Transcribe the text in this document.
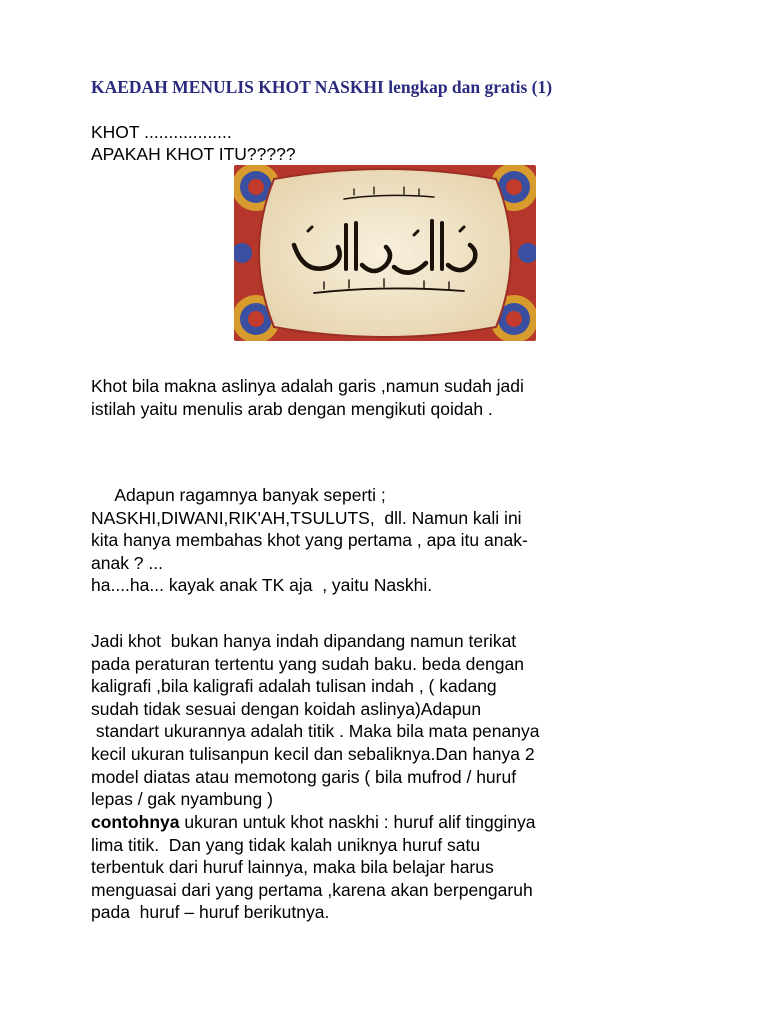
KAEDAH MENULIS KHOT NASKHI lengkap dan gratis (1)
KHOT ..................
APAKAH KHOT ITU?????
Khot bila makna aslinya adalah garis ,namun sudah jadi
istilah yaitu menulis arab dengan mengikuti qoidah .
Adapun ragamnya banyak seperti ;
NASKHI,DIWANI,RIK'AH,TSULUTS,  dll. Namun kali ini
kita hanya membahas khot yang pertama , apa itu anak-
anak ? ...
ha....ha... kayak anak TK aja  , yaitu Naskhi.
Jadi khot  bukan hanya indah dipandang namun terikat
pada peraturan tertentu yang sudah baku. beda dengan
kaligrafi ,bila kaligrafi adalah tulisan indah , ( kadang
sudah tidak sesuai dengan koidah aslinya)Adapun
standart ukurannya adalah titik . Maka bila mata penanya
kecil ukuran tulisanpun kecil dan sebaliknya.Dan hanya 2
model diatas atau memotong garis ( bila mufrod / huruf
lepas / gak nyambung )
contohnya ukuran untuk khot naskhi : huruf alif tingginya
lima titik.  Dan yang tidak kalah uniknya huruf satu
terbentuk dari huruf lainnya, maka bila belajar harus
menguasai dari yang pertama ,karena akan berpengaruh
pada  huruf – huruf berikutnya.
